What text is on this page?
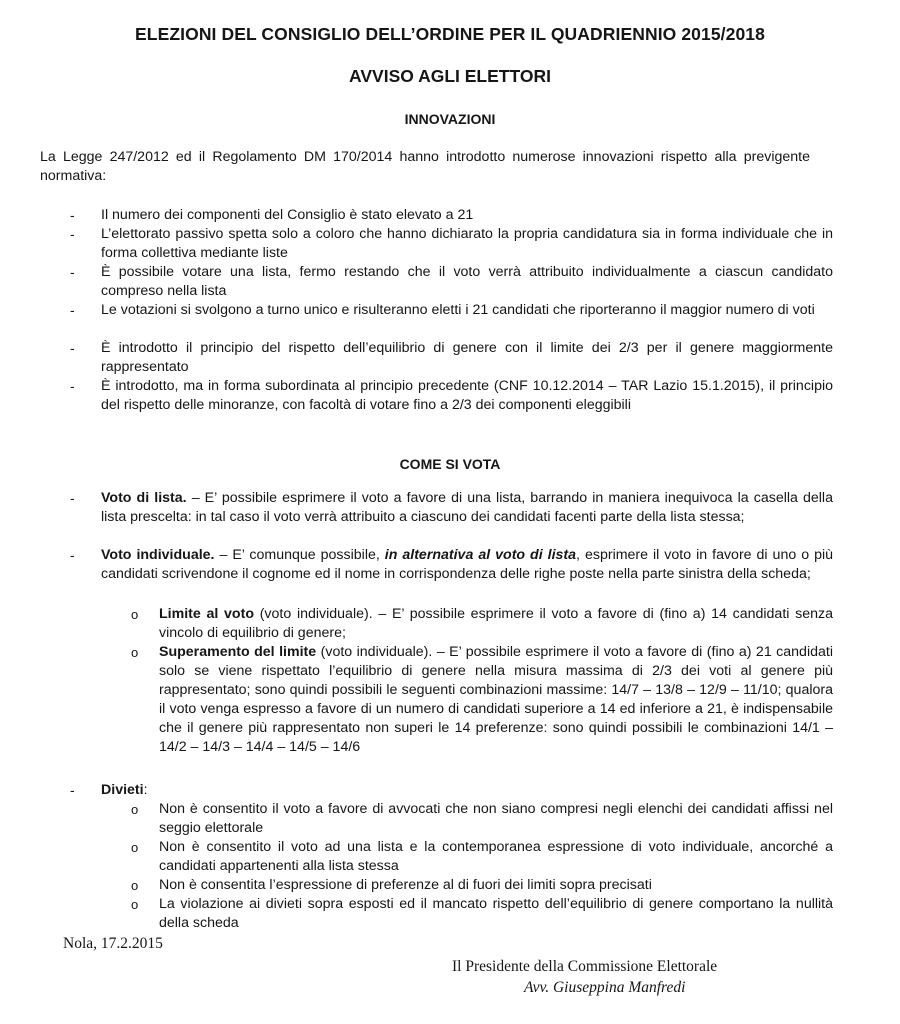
ELEZIONI DEL CONSIGLIO DELL’ORDINE PER IL QUADRIENNIO 2015/2018
AVVISO AGLI ELETTORI
INNOVAZIONI
La Legge 247/2012 ed il Regolamento DM 170/2014 hanno introdotto numerose innovazioni rispetto alla previgente normativa:
- Il numero dei componenti del Consiglio è stato elevato a 21
- L’elettorato passivo spetta solo a coloro che hanno dichiarato la propria candidatura sia in forma individuale che in forma collettiva mediante liste
- È possibile votare una lista, fermo restando che il voto verrà attribuito individualmente a ciascun candidato compreso nella lista
- Le votazioni si svolgono a turno unico e risulteranno eletti i 21 candidati che riporteranno il maggior numero di voti
- È introdotto il principio del rispetto dell’equilibrio di genere con il limite dei 2/3 per il genere maggiormente rappresentato
- È introdotto, ma in forma subordinata al principio precedente (CNF 10.12.2014 – TAR Lazio 15.1.2015), il principio del rispetto delle minoranze, con facoltà di votare fino a 2/3 dei componenti eleggibili
COME SI VOTA
- Voto di lista. – E’ possibile esprimere il voto a favore di una lista, barrando in maniera inequivoca la casella della lista prescelta: in tal caso il voto verrà attribuito a ciascuno dei candidati facenti parte della lista stessa;
- Voto individuale. – E’ comunque possibile, in alternativa al voto di lista, esprimere il voto in favore di uno o più candidati scrivendone il cognome ed il nome in corrispondenza delle righe poste nella parte sinistra della scheda;
o Limite al voto (voto individuale). – E’ possibile esprimere il voto a favore di (fino a) 14 candidati senza vincolo di equilibrio di genere;
o Superamento del limite (voto individuale). – E’ possibile esprimere il voto a favore di (fino a) 21 candidati solo se viene rispettato l’equilibrio di genere nella misura massima di 2/3 dei voti al genere più rappresentato; sono quindi possibili le seguenti combinazioni massime: 14/7 – 13/8 – 12/9 – 11/10; qualora il voto venga espresso a favore di un numero di candidati superiore a 14 ed inferiore a 21, è indispensabile che il genere più rappresentato non superi le 14 preferenze: sono quindi possibili le combinazioni 14/1 – 14/2 – 14/3 – 14/4 – 14/5 – 14/6
- Divieti:
o Non è consentito il voto a favore di avvocati che non siano compresi negli elenchi dei candidati affissi nel seggio elettorale
o Non è consentito il voto ad una lista e la contemporanea espressione di voto individuale, ancorché a candidati appartenenti alla lista stessa
o Non è consentita l’espressione di preferenze al di fuori dei limiti sopra precisati
o La violazione ai divieti sopra esposti ed il mancato rispetto dell’equilibrio di genere comportano la nullità della scheda
Nola, 17.2.2015
Il Presidente della Commissione Elettorale
Avv. Giuseppina Manfredi
